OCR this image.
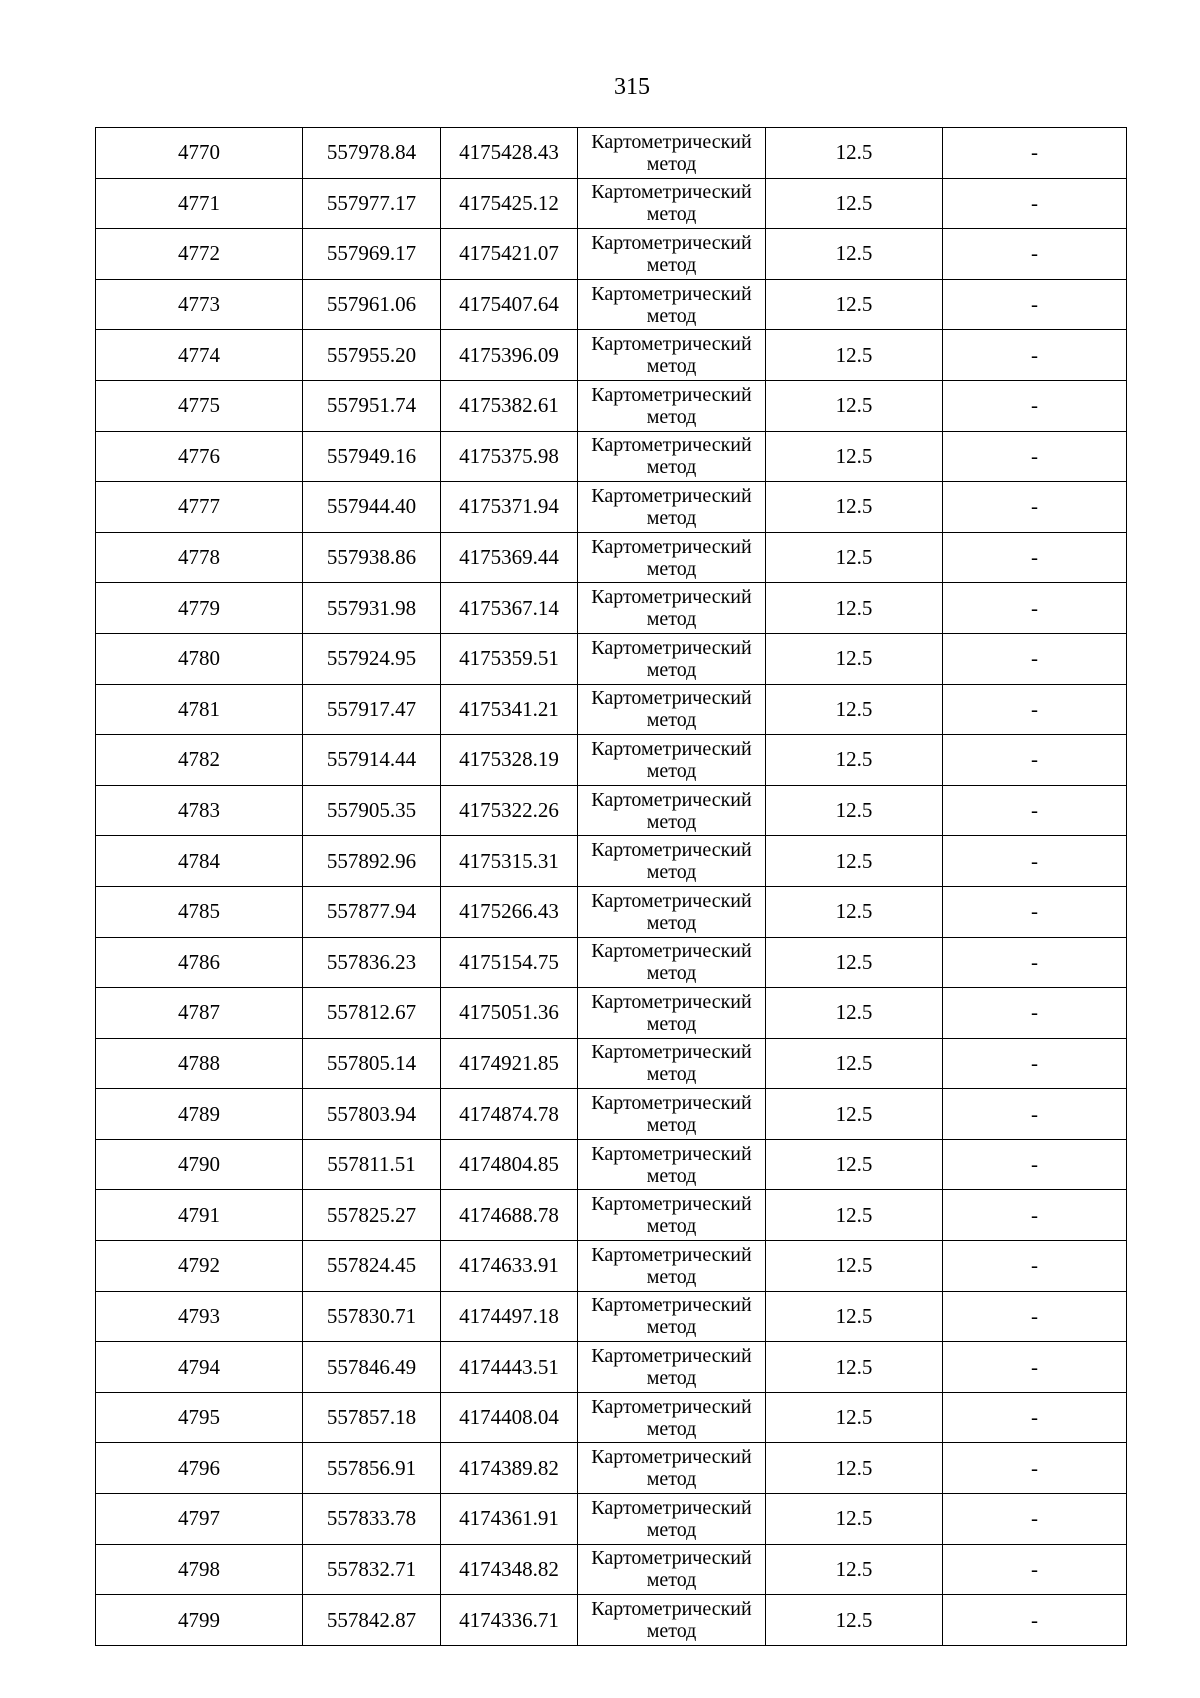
315
4770	557978.84	4175428.43	Картометрический метод	12.5	-
4771	557977.17	4175425.12	Картометрический метод	12.5	-
4772	557969.17	4175421.07	Картометрический метод	12.5	-
4773	557961.06	4175407.64	Картометрический метод	12.5	-
4774	557955.20	4175396.09	Картометрический метод	12.5	-
4775	557951.74	4175382.61	Картометрический метод	12.5	-
4776	557949.16	4175375.98	Картометрический метод	12.5	-
4777	557944.40	4175371.94	Картометрический метод	12.5	-
4778	557938.86	4175369.44	Картометрический метод	12.5	-
4779	557931.98	4175367.14	Картометрический метод	12.5	-
4780	557924.95	4175359.51	Картометрический метод	12.5	-
4781	557917.47	4175341.21	Картометрический метод	12.5	-
4782	557914.44	4175328.19	Картометрический метод	12.5	-
4783	557905.35	4175322.26	Картометрический метод	12.5	-
4784	557892.96	4175315.31	Картометрический метод	12.5	-
4785	557877.94	4175266.43	Картометрический метод	12.5	-
4786	557836.23	4175154.75	Картометрический метод	12.5	-
4787	557812.67	4175051.36	Картометрический метод	12.5	-
4788	557805.14	4174921.85	Картометрический метод	12.5	-
4789	557803.94	4174874.78	Картометрический метод	12.5	-
4790	557811.51	4174804.85	Картометрический метод	12.5	-
4791	557825.27	4174688.78	Картометрический метод	12.5	-
4792	557824.45	4174633.91	Картометрический метод	12.5	-
4793	557830.71	4174497.18	Картометрический метод	12.5	-
4794	557846.49	4174443.51	Картометрический метод	12.5	-
4795	557857.18	4174408.04	Картометрический метод	12.5	-
4796	557856.91	4174389.82	Картометрический метод	12.5	-
4797	557833.78	4174361.91	Картометрический метод	12.5	-
4798	557832.71	4174348.82	Картометрический метод	12.5	-
4799	557842.87	4174336.71	Картометрический метод	12.5	-
